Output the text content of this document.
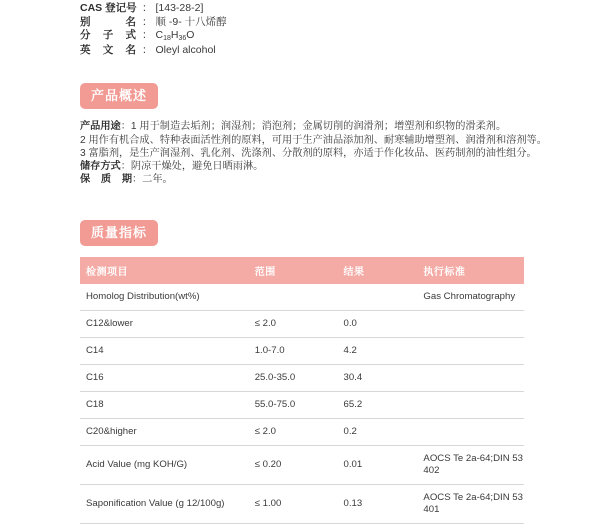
CAS 登记号 ： [143-28-2]
别	名 ： 顺 -9- 十八烯醇
分 子 式 ： $C_{18}H_{36}O$
英 文 名 ： Oleyl alcohol
产品概述
产品用途：1 用于制造去垢剂；润湿剂；消泡剂；金属切削的润滑剂；增塑剂和织物的滑柔剂。
2 用作有机合成、特种表面活性剂的原料，可用于生产油品添加剂、耐寒辅助增塑剂、润滑剂和溶剂等。
3 富脂剂，是生产润湿剂、乳化剂、洗涤剂、分散剂的原料，亦适于作化妆品、医药制剂的油性组分。
储存方式：阴凉干燥处，避免日晒雨淋。
保 质 期 ：二年。
质量指标
检测项目	范围	结果	执行标准
Homolog Distribution(wt%)			Gas Chromatography
C12&lower	≤ 2.0	0.0	
C14	1.0-7.0	4.2	
C16	25.0-35.0	30.4	
C18	55.0-75.0	65.2	
C20&higher	≤ 2.0	0.2	
Acid Value (mg KOH/G)	≤ 0.20	0.01	AOCS Te 2a-64;DIN 53 402
Saponification Value (g 12/100g)	≤ 1.00	0.13	AOCS Te 2a-64;DIN 53 401
